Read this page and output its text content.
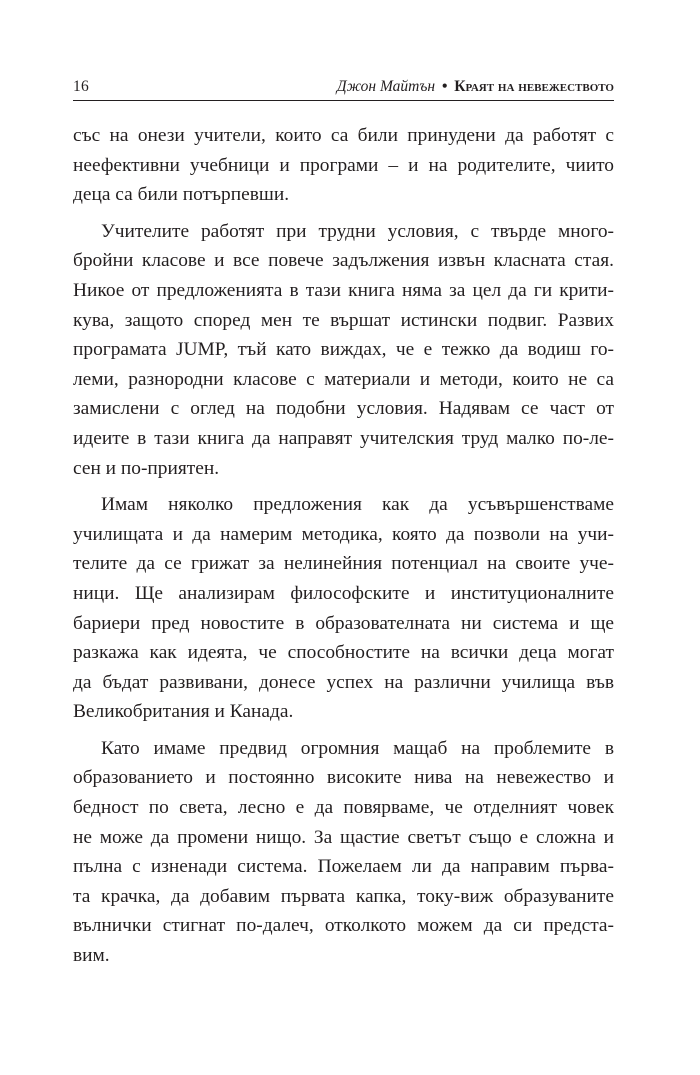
16	Джон Майтън • Краят на невежеството
със на онези учители, които са били принудени да работят с
неефективни учебници и програми – и на родителите, чиито
деца са били потърпевши.
Учителите работят при трудни условия, с твърде много-
бройни класове и все повече задължения извън класната стая.
Никое от предложенията в тази книга няма за цел да ги крити-
кува, защото според мен те вършат истински подвиг. Развих
програмата JUMP, тъй като виждах, че е тежко да водиш го-
леми, разнородни класове с материали и методи, които не са
замислени с оглед на подобни условия. Надявам се част от
идеите в тази книга да направят учителския труд малко по-ле-
сен и по-приятен.
Имам няколко предложения как да усъвършенстваме
училищата и да намерим методика, която да позволи на учи-
телите да се грижат за нелинейния потенциал на своите уче-
ници. Ще анализирам философските и институционалните
бариери пред новостите в образователната ни система и ще
разкажа как идеята, че способностите на всички деца могат
да бъдат развивани, донесе успех на различни училища във
Великобритания и Канада.
Като имаме предвид огромния мащаб на проблемите в
образованието и постоянно високите нива на невежество и
бедност по света, лесно е да повярваме, че отделният човек
не може да промени нищо. За щастие светът също е сложна и
пълна с изненади система. Пожелаем ли да направим първа-
та крачка, да добавим първата капка, току-виж образуваните
вълнички стигнат по-далеч, отколкото можем да си предста-
вим.
